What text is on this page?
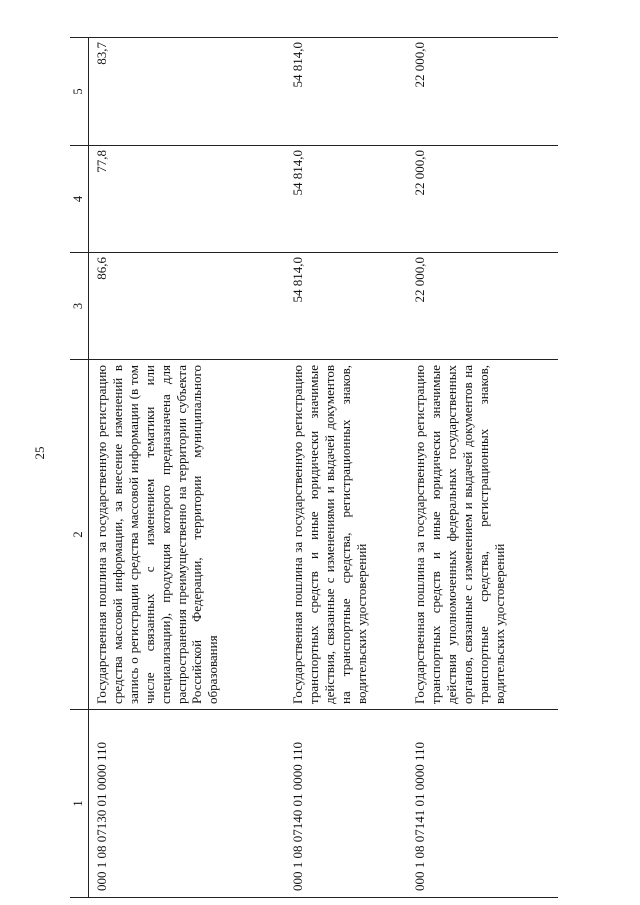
25
1	2	3	4	5
000 1 08 07130 01 0000 110	Государственная пошлина за государственную регистрацию средства массовой информации, за внесение изменений в запись о регистрации средства массовой информации (в том числе связанных с изменением тематики или специализации), продукция которого предназначена для распространения преимущественно на территории субъекта Российской Федерации, территории муниципального образования	86,6	77,8	83,7
000 1 08 07140 01 0000 110	Государственная пошлина за государственную регистрацию транспортных средств и иные юридически значимые действия, связанные с изменениями и выдачей документов на транспортные средства, регистрационных знаков, водительских удостоверений	54 814,0	54 814,0	54 814,0
000 1 08 07141 01 0000 110	Государственная пошлина за государственную регистрацию транспортных средств и иные юридически значимые действия уполномоченных федеральных государственных органов, связанные с изменением и выдачей документов на транспортные средства, регистрационных знаков, водительских удостоверений	22 000,0	22 000,0	22 000,0
